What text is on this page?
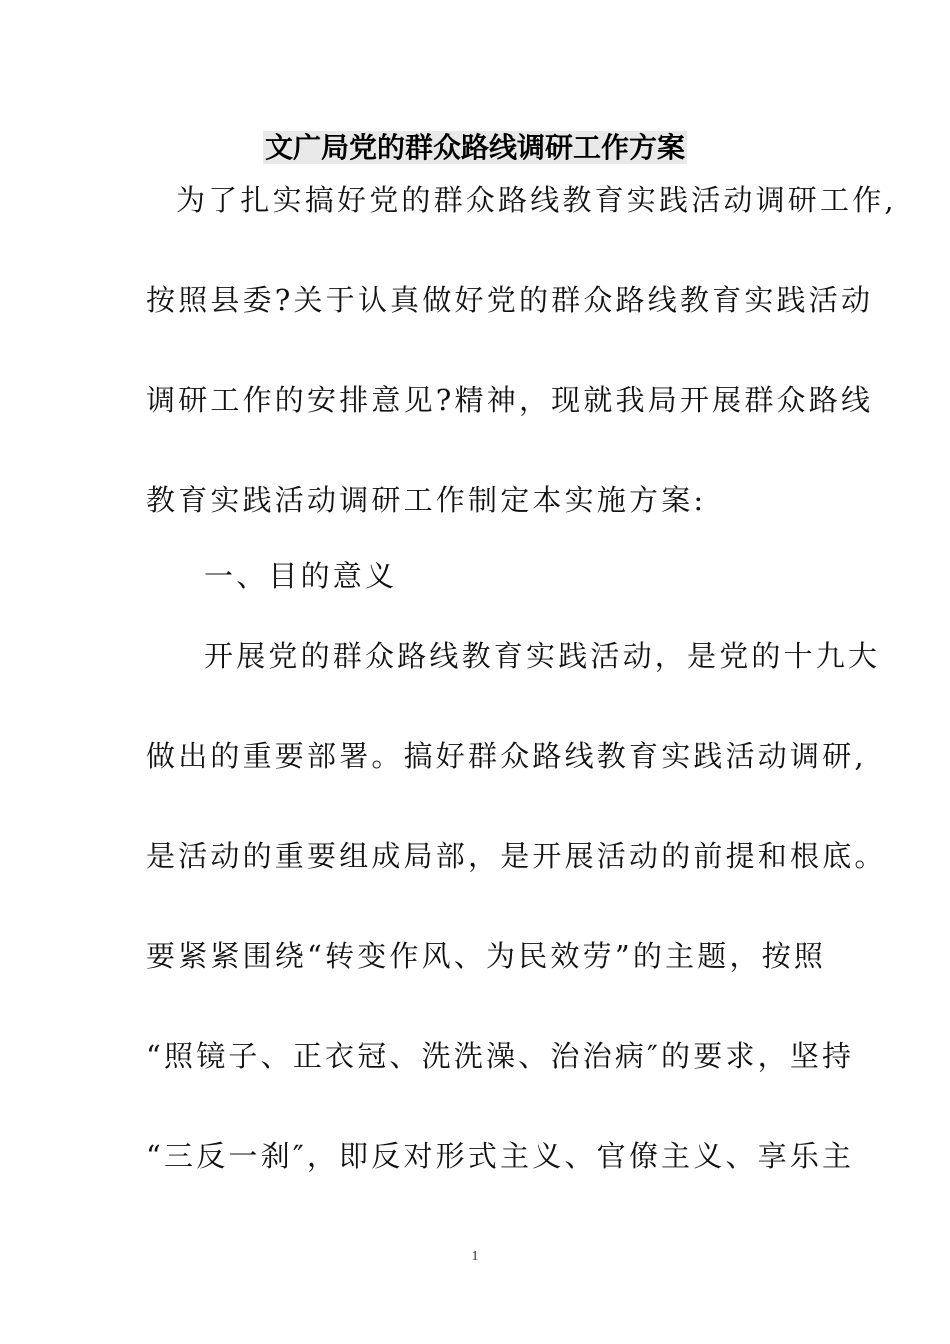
文广局党的群众路线调研工作方案
为了扎实搞好党的群众路线教育实践活动调研工作,
按照县委?关于认真做好党的群众路线教育实践活动
调研工作的安排意见?精神，现就我局开展群众路线
教育实践活动调研工作制定本实施方案:
一、目的意义
开展党的群众路线教育实践活动，是党的十九大
做出的重要部署。搞好群众路线教育实践活动调研,
是活动的重要组成局部，是开展活动的前提和根底。
要紧紧围绕“转变作风、为民效劳”的主题，按照
“照镜子、正衣冠、洗洗澡、治治病″的要求，坚持
“三反一刹″，即反对形式主义、官僚主义、享乐主
1
